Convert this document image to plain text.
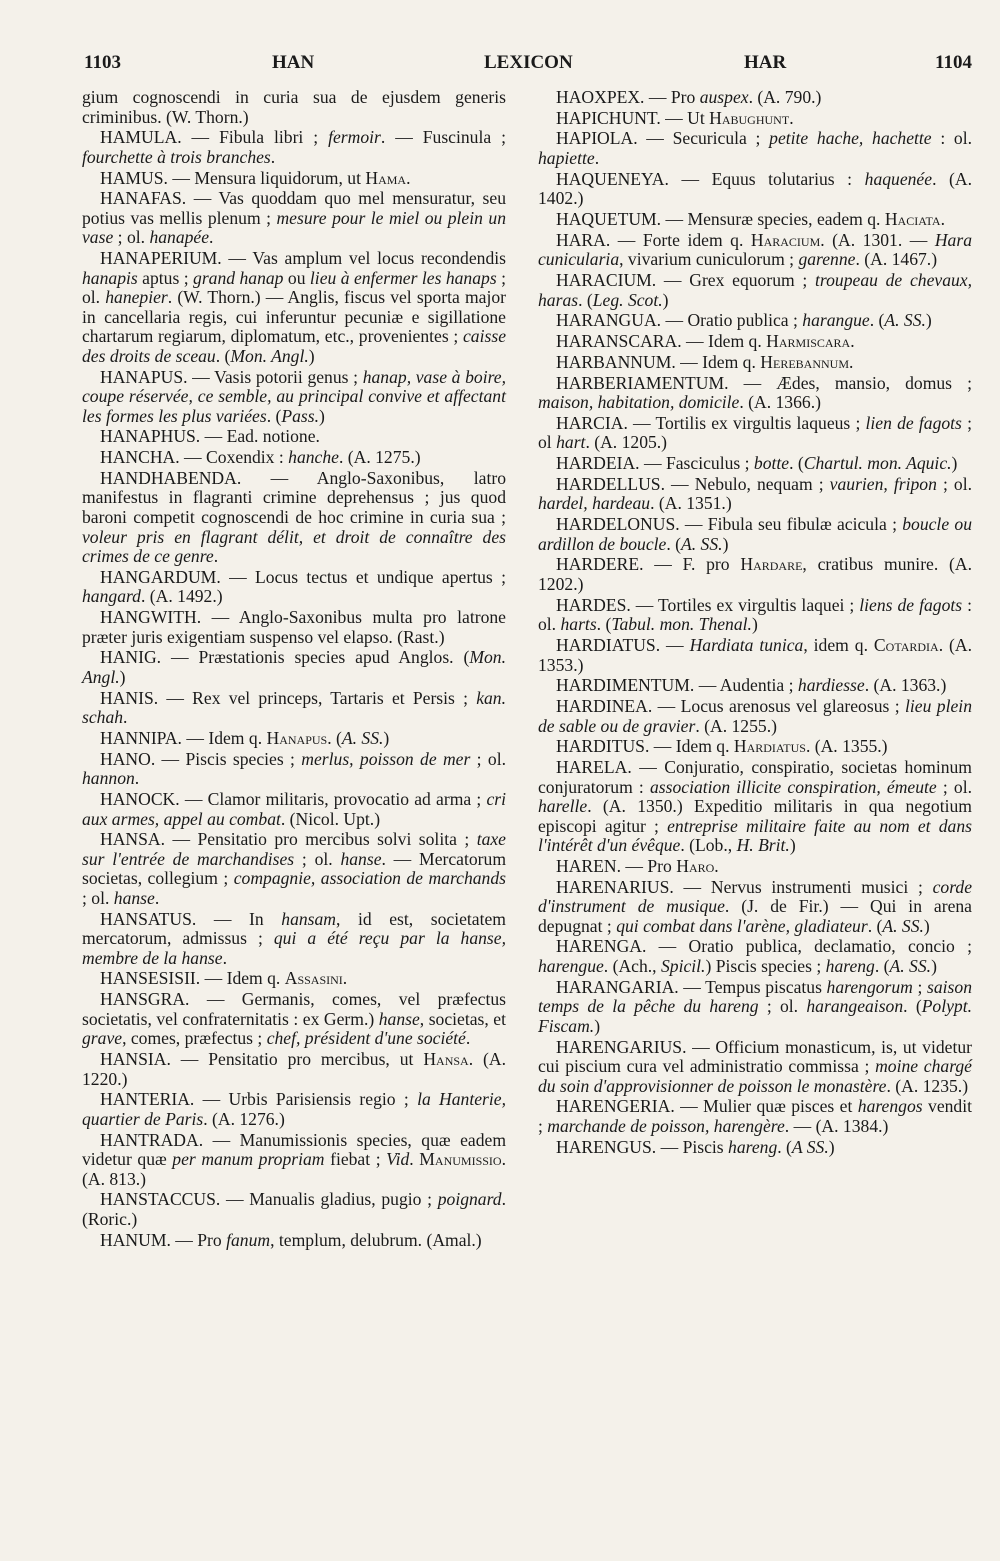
1103	HAN	LEXICON	HAR	1104

gium cognoscendi in curia sua de ejusdem generis criminibus. (W. Thorn.)

HAMULA. — Fibula libri ; fermoir. — Fuscinula ; fourchette à trois branches.

HAMUS. — Mensura liquidorum, ut Hama.

HANAFAS. — Vas quoddam quo mel mensuratur, seu potius vas mellis plenum ; mesure pour le miel ou plein un vase ; ol. hanapée.

HANAPERIUM. — Vas amplum vel locus recondendis hanapis aptus ; grand hanap ou lieu à enfermer les hanaps ; ol. hanepier. (W. Thorn.) — Anglis, fiscus vel sporta major in cancellaria regis, cui inferuntur pecuniæ e sigillatione chartarum regiarum, diplomatum, etc., provenientes ; caisse des droits de sceau. (Mon. Angl.)

HANAPUS. — Vasis potorii genus ; hanap, vase à boire, coupe réservée, ce semble, au principal convive et affectant les formes les plus variées. (Pass.)

HANAPHUS. — Ead. notione.

HANCHA. — Coxendix : hanche. (A. 1275.)

HANDHABENDA. — Anglo-Saxonibus, latro manifestus in flagranti crimine deprehensus ; jus quod baroni competit cognoscendi de hoc crimine in curia sua ; voleur pris en flagrant délit, et droit de connaître des crimes de ce genre.

HANGARDUM. — Locus tectus et undique apertus ; hangard. (A. 1492.)

HANGWITH. — Anglo-Saxonibus multa pro latrone præter juris exigentiam suspenso vel elapso. (Rast.)

HANIG. — Præstationis species apud Anglos. (Mon. Angl.)

HANIS. — Rex vel princeps, Tartaris et Persis ; kan. schah.

HANNIPA. — Idem q. Hanapus. (A. SS.)

HANO. — Piscis species ; merlus, poisson de mer ; ol. hannon.

HANOCK. — Clamor militaris, provocatio ad arma ; cri aux armes, appel au combat. (Nicol. Upt.)

HANSA. — Pensitatio pro mercibus solvi solita ; taxe sur l'entrée de marchandises ; ol. hanse. — Mercatorum societas, collegium ; compagnie, association de marchands ; ol. hanse.

HANSATUS. — In hansam, id est, societatem mercatorum, admissus ; qui a été reçu par la hanse, membre de la hanse.

HANSESISII. — Idem q. Assasini.

HANSGRA. — Germanis, comes, vel præfectus societatis, vel confraternitatis : ex Germ.) hanse, societas, et grave, comes, præfectus ; chef, président d'une société.

HANSIA. — Pensitatio pro mercibus, ut Hansa. (A. 1220.)

HANTERIA. — Urbis Parisiensis regio ; la Hanterie, quartier de Paris. (A. 1276.)

HANTRADA. — Manumissionis species, quæ eadem videtur quæ per manum propriam fiebat ; Vid. Manumissio. (A. 813.)

HANSTACCUS. — Manualis gladius, pugio ; poignard. (Roric.)

HANUM. — Pro fanum, templum, delubrum. (Amal.)

HAOXPEX. — Pro auspex. (A. 790.)

HAPICHUNT. — Ut Habughunt.

HAPIOLA. — Securicula ; petite hache, hachette : ol. hapiette.

HAQUENEYA. — Equus tolutarius : haquenée. (A. 1402.)

HAQUETUM. — Mensuræ species, eadem q. Haciata.

HARA. — Forte idem q. Haracium. (A. 1301. — Hara cunicularia, vivarium cuniculorum ; garenne. (A. 1467.)

HARACIUM. — Grex equorum ; troupeau de chevaux, haras. (Leg. Scot.)

HARANGUA. — Oratio publica ; harangue. (A. SS.)

HARANSCARA. — Idem q. Harmiscara.

HARBANNUM. — Idem q. Herebannum.

HARBERIAMENTUM. — Ædes, mansio, domus ; maison, habitation, domicile. (A. 1366.)

HARCIA. — Tortilis ex virgultis laqueus ; lien de fagots ; ol hart. (A. 1205.)

HARDEIA. — Fasciculus ; botte. (Chartul. mon. Aquic.)

HARDELLUS. — Nebulo, nequam ; vaurien, fripon ; ol. hardel, hardeau. (A. 1351.)

HARDELONUS. — Fibula seu fibulæ acicula ; boucle ou ardillon de boucle. (A. SS.)

HARDERE. — F. pro Hardare, cratibus munire. (A. 1202.)

HARDES. — Tortiles ex virgultis laquei ; liens de fagots : ol. harts. (Tabul. mon. Thenal.)

HARDIATUS. — Hardiata tunica, idem q. Cotardia. (A. 1353.)

HARDIMENTUM. — Audentia ; hardiesse. (A. 1363.)

HARDINEA. — Locus arenosus vel glareosus ; lieu plein de sable ou de gravier. (A. 1255.)

HARDITUS. — Idem q. Hardiatus. (A. 1355.)

HARELA. — Conjuratio, conspiratio, societas hominum conjuratorum : association illicite conspiration, émeute ; ol. harelle. (A. 1350.) Expeditio militaris in qua negotium episcopi agitur ; entreprise militaire faite au nom et dans l'intérêt d'un évêque. (Lob., H. Brit.)

HAREN. — Pro Haro.

HARENARIUS. — Nervus instrumenti musici ; corde d'instrument de musique. (J. de Fir.) — Qui in arena depugnat ; qui combat dans l'arène, gladiateur. (A. SS.)

HARENGA. — Oratio publica, declamatio, concio ; harengue. (Ach., Spicil.) Piscis species ; hareng. (A. SS.)

HARANGARIA. — Tempus piscatus harengorum ; saison temps de la pêche du hareng ; ol. harangeaison. (Polypt. Fiscam.)

HARENGARIUS. — Officium monasticum, is, ut videtur cui piscium cura vel administratio commissa ; moine chargé du soin d'approvisionner de poisson le monastère. (A. 1235.)

HARENGERIA. — Mulier quæ pisces et harengos vendit ; marchande de poisson, harengère. — (A. 1384.)

HARENGUS. — Piscis hareng. (A SS.)
